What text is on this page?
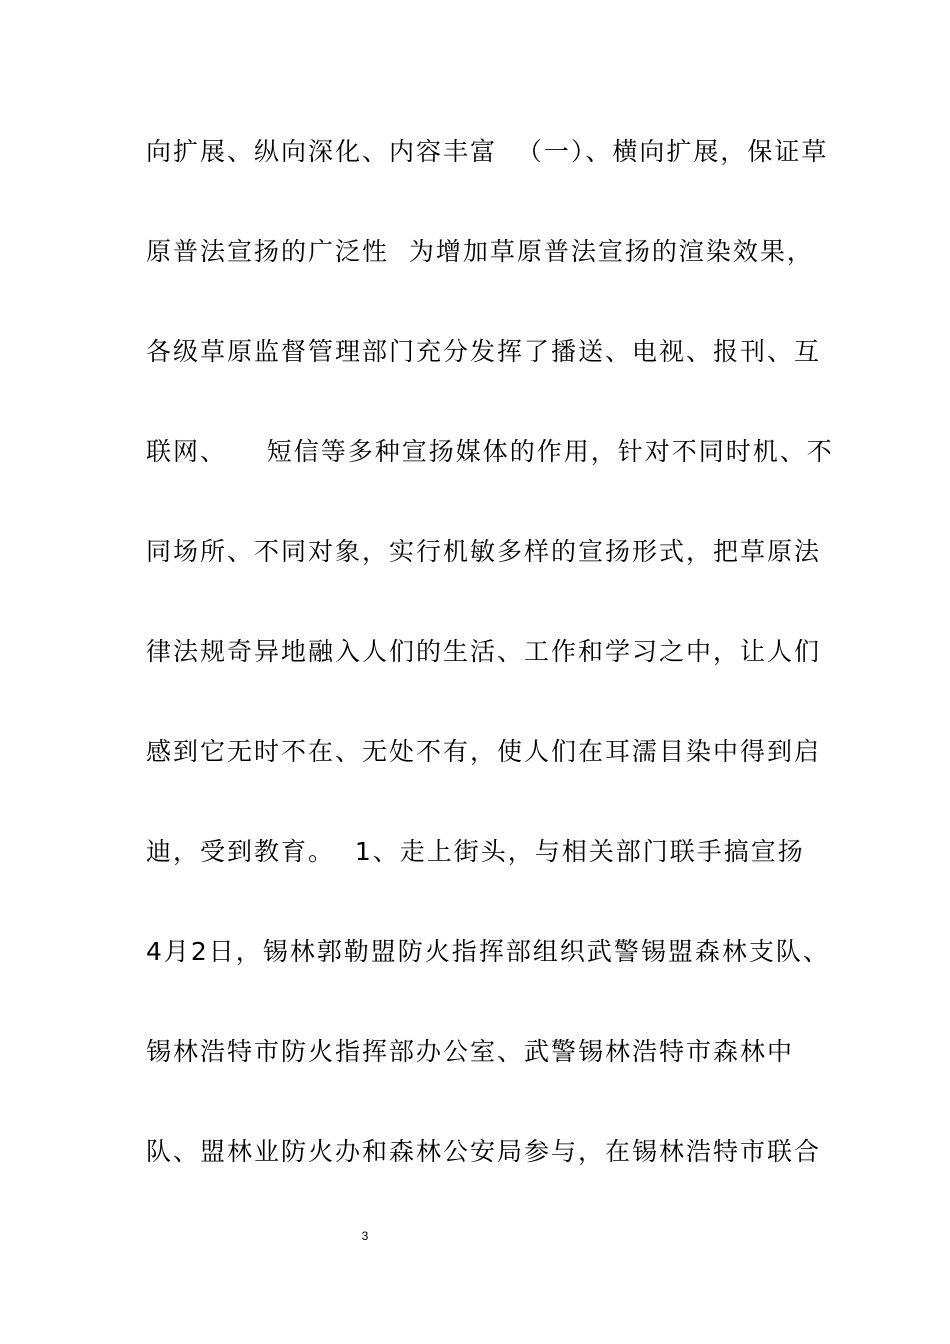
向扩展、纵向深化、内容丰富  （一）、横向扩展，保证草
原普法宣扬的广泛性  为增加草原普法宣扬的渲染效果，
各级草原监督管理部门充分发挥了播送、电视、报刊、互
联网、    短信等多种宣扬媒体的作用，针对不同时机、不
同场所、不同对象，实行机敏多样的宣扬形式，把草原法
律法规奇异地融入人们的生活、工作和学习之中，让人们
感到它无时不在、无处不有，使人们在耳濡目染中得到启
迪，受到教育。  1、走上街头，与相关部门联手搞宣扬
4月2日，锡林郭勒盟防火指挥部组织武警锡盟森林支队、
锡林浩特市防火指挥部办公室、武警锡林浩特市森林中
队、盟林业防火办和森林公安局参与，在锡林浩特市联合
3
